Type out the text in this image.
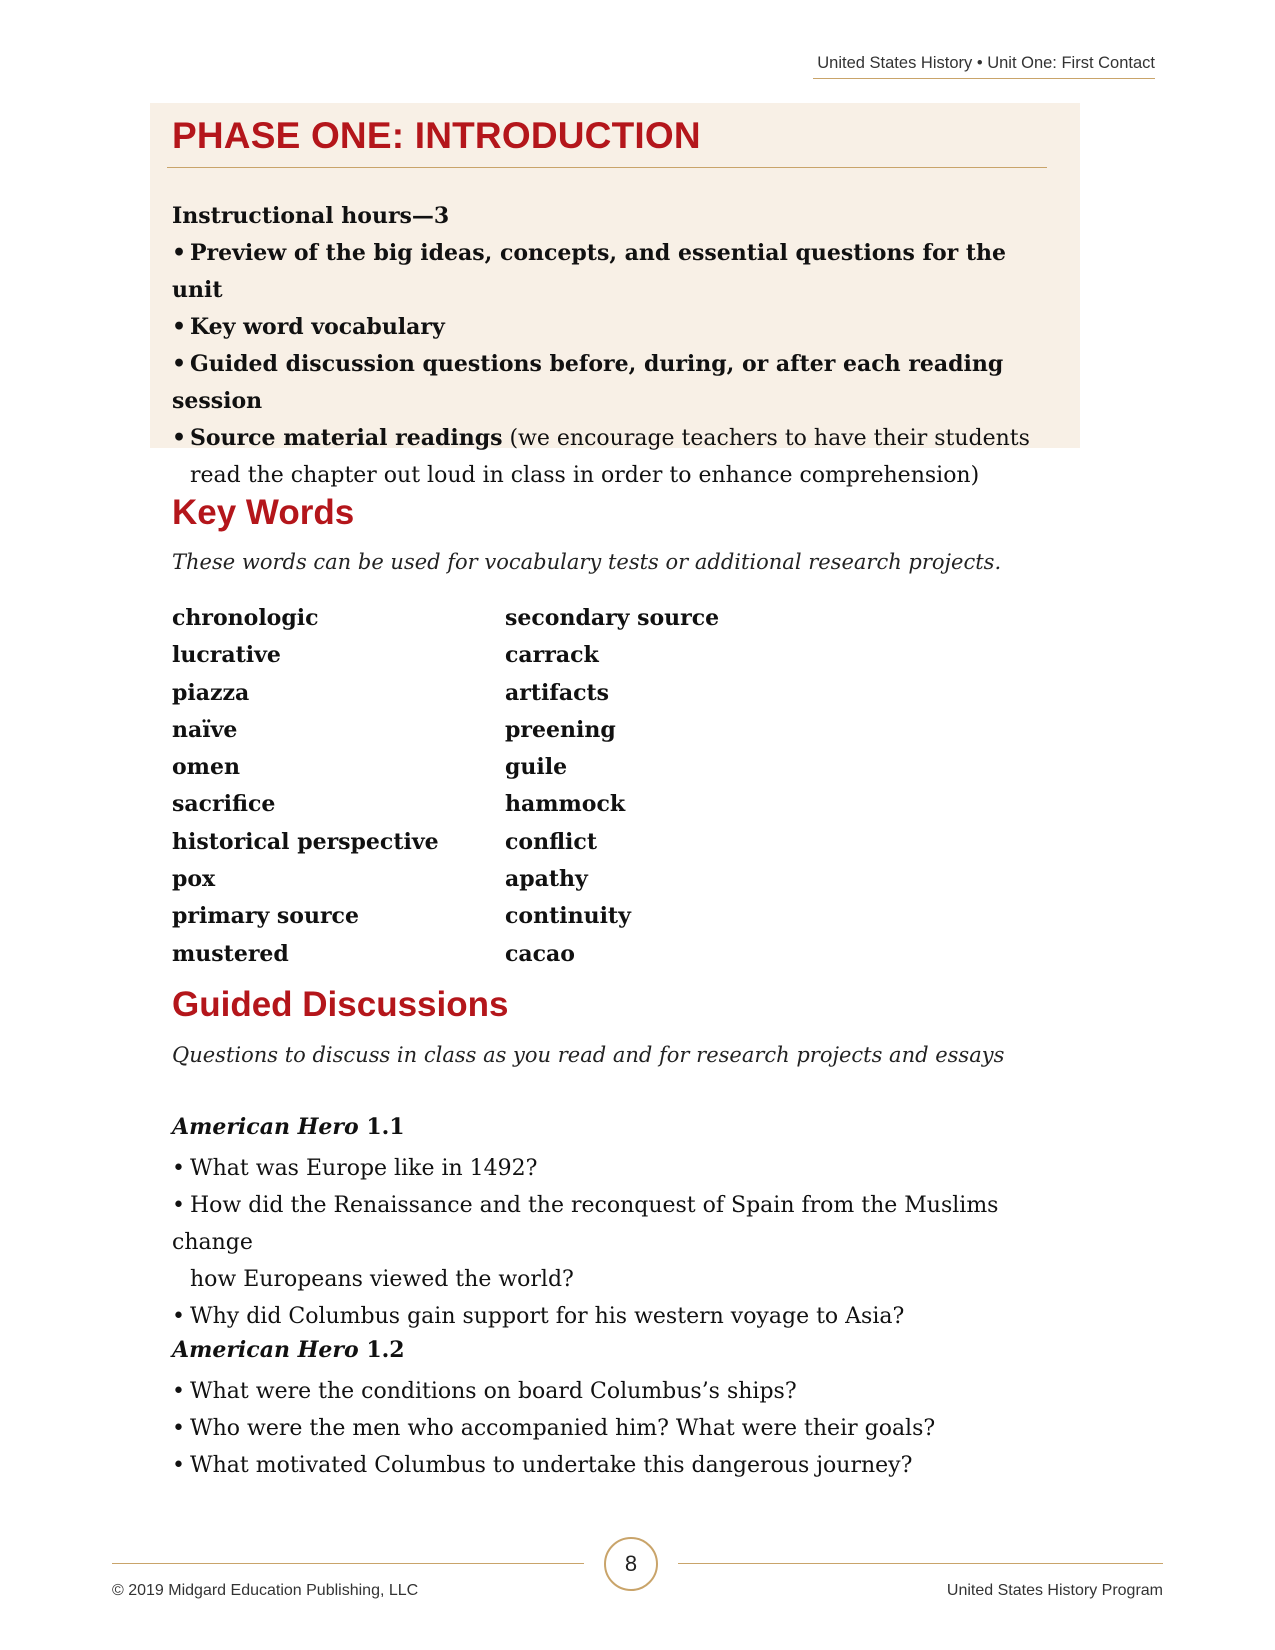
United States History • Unit One: First Contact
PHASE ONE: INTRODUCTION
Instructional hours—3
• Preview of the big ideas, concepts, and essential questions for the unit
• Key word vocabulary
• Guided discussion questions before, during, or after each reading session
• Source material readings (we encourage teachers to have their students
read the chapter out loud in class in order to enhance comprehension)
Key Words
These words can be used for vocabulary tests or additional research projects.
chronologic
lucrative
piazza
naïve
omen
sacrifice
historical perspective
pox
primary source
mustered
secondary source
carrack
artifacts
preening
guile
hammock
conflict
apathy
continuity
cacao
Guided Discussions
Questions to discuss in class as you read and for research projects and essays
American Hero 1.1
• What was Europe like in 1492?
• How did the Renaissance and the reconquest of Spain from the Muslims change
how Europeans viewed the world?
• Why did Columbus gain support for his western voyage to Asia?
American Hero 1.2
• What were the conditions on board Columbus’s ships?
• Who were the men who accompanied him? What were their goals?
• What motivated Columbus to undertake this dangerous journey?
© 2019 Midgard Education Publishing, LLC
8
United States History Program
